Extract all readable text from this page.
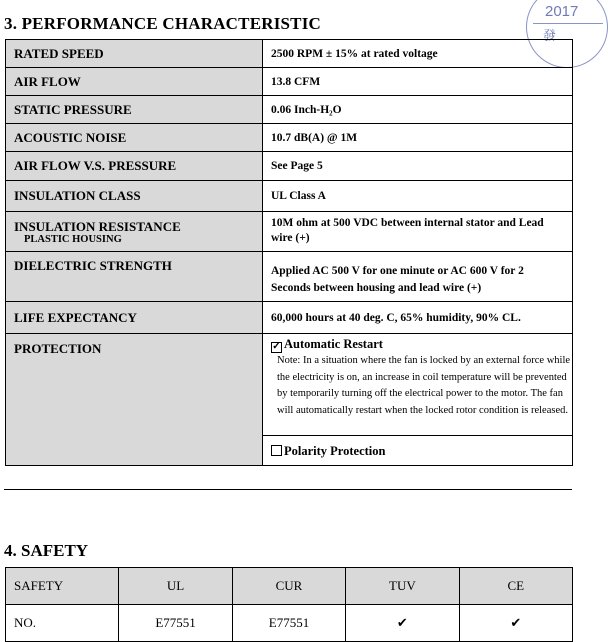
2017
發
3. PERFORMANCE CHARACTERISTIC
RATED SPEED	2500 RPM ± 15% at rated voltage
AIR FLOW	13.8 CFM
STATIC PRESSURE	0.06 Inch-H₂O
ACOUSTIC NOISE	10.7 dB(A) @ 1M
AIR FLOW V.S. PRESSURE	See Page 5
INSULATION CLASS	UL Class A
INSULATION RESISTANCE
PLASTIC HOUSING	10M ohm at 500 VDC between internal stator and Lead wire (+)
DIELECTRIC STRENGTH	Applied AC 500 V for one minute or AC 600 V for 2 Seconds between housing and lead wire (+)
LIFE EXPECTANCY	60,000 hours at 40 deg. C, 65% humidity, 90% CL.
PROTECTION	✓ Automatic Restart
Note: In a situation where the fan is locked by an external force while the electricity is on, an increase in coil temperature will be prevented by temporarily turning off the electrical power to the motor. The fan will automatically restart when the locked rotor condition is released.
Polarity Protection
4. SAFETY
SAFETY	UL	CUR	TUV	CE
NO.	E77551	E77551	✔	✔
